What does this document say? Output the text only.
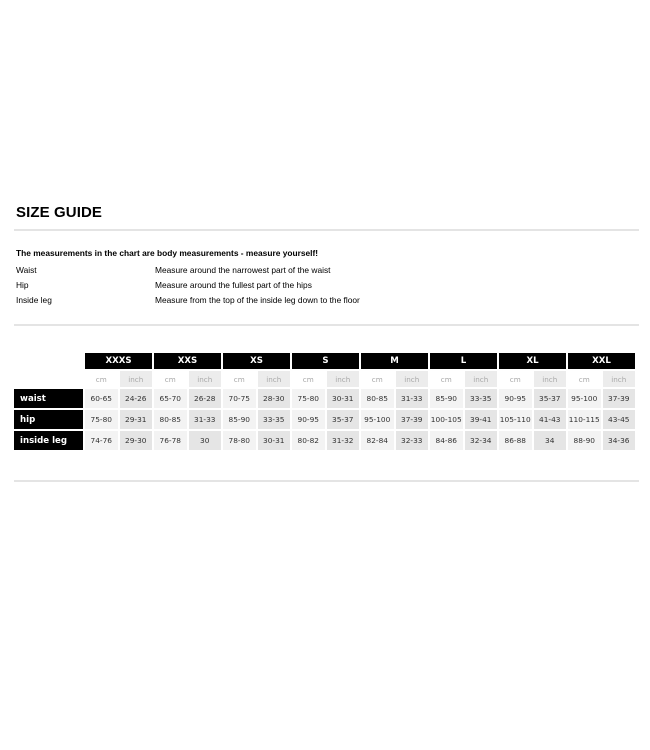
SIZE GUIDE
The measurements in the chart are body measurements - measure yourself!
Waist	Measure around the narrowest part of the waist
Hip	Measure around the fullest part of the hips
Inside leg	Measure from the top of the inside leg down to the floor
	XXXS		XXS		XS		S		M		L		XL		XXL	
	cm	inch	cm	inch	cm	inch	cm	inch	cm	inch	cm	inch	cm	inch	cm	inch
waist	60-65	24-26	65-70	26-28	70-75	28-30	75-80	30-31	80-85	31-33	85-90	33-35	90-95	35-37	95-100	37-39
hip	75-80	29-31	80-85	31-33	85-90	33-35	90-95	35-37	95-100	37-39	100-105	39-41	105-110	41-43	110-115	43-45
inside leg	74-76	29-30	76-78	30	78-80	30-31	80-82	31-32	82-84	32-33	84-86	32-34	86-88	34	88-90	34-36
